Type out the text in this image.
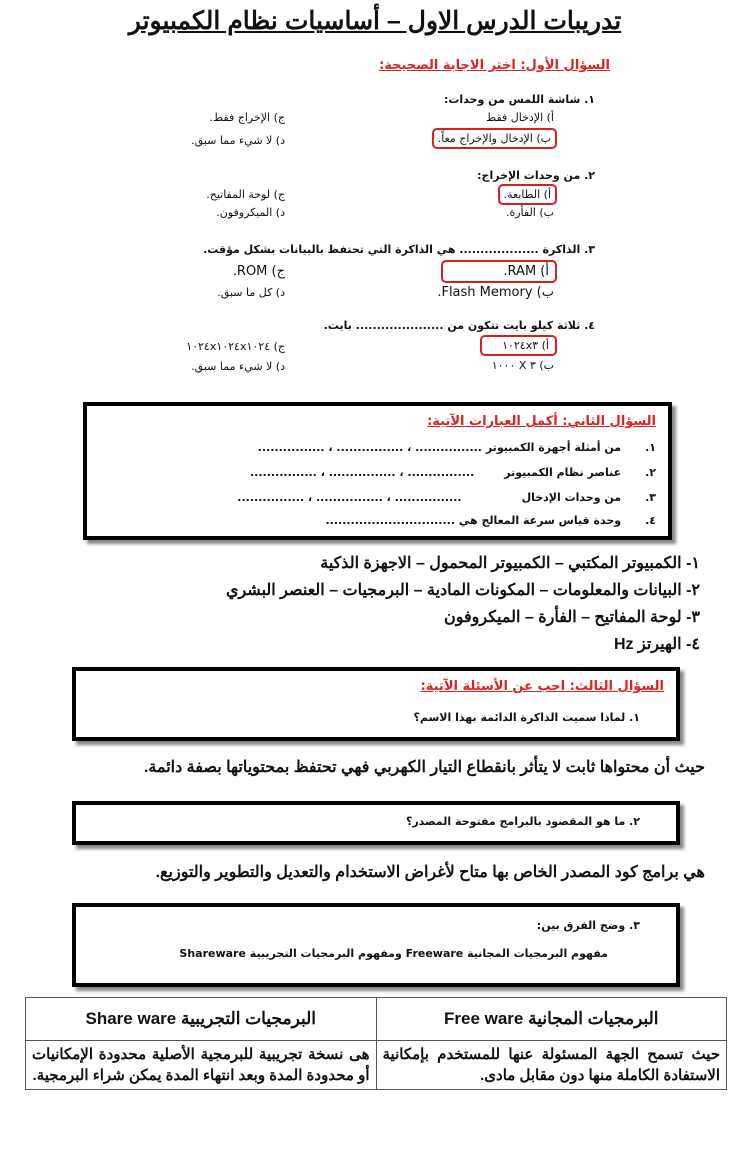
تدريبات الدرس الاول – أساسيات نظام الكمبيوتر
السؤال الأول: اختر الاجابة الصحيحة:
١. شاشة اللمس من وحدات:
أ) الإدخال فقط
ب) الإدخال والإخراج معاً.
ج) الإخراج فقط.
د) لا شيء مما سبق.
٢. من وحدات الإخراج:
أ) الطابعة.
ب) الفأرة.
ج) لوحة المفاتيح.
د) الميكروفون.
٣. الذاكرة ................... هي الذاكرة التي تحتفظ بالبيانات بشكل مؤقت.
أ) RAM.
ب) Flash Memory.
ج) ROM.
د) كل ما سبق.
٤. ثلاثة كيلو بايت تتكون من ..................... بايت.
أ) ١٠٢٤x٣
ب) ٣ X ١٠٠٠
ج) ١٠٢٤x١٠٢٤x١٠٢٤
د) لا شيء مما سبق.
السؤال الثاني: أكمل العبارات الآتية:
١.من أمثلة أجهزة الكمبيوتر ................ ، ................ ، ................
٢.عناصر نظام الكمبيوتر................ ، ................ ، ................
٣.من وحدات الإدخال................ ، ................ ، ................
٤.وحدة قياس سرعة المعالج هي ...............................
١- الكمبيوتر المكتبي – الكمبيوتر المحمول – الاجهزة الذكية
٢- البيانات والمعلومات – المكونات المادية – البرمجيات – العنصر البشري
٣- لوحة المفاتيح – الفأرة – الميكروفون
٤- الهيرتز Hz
السؤال الثالث: احب عن الأسئلة الآتية:
١. لماذا سميت الذاكرة الدائمة بهذا الاسم؟
حيث أن محتواها ثابت لا يتأثر بانقطاع التيار الكهربي فهي تحتفظ بمحتوياتها بصفة دائمة.
٢. ما هو المقصود بالبرامج مفتوحة المصدر؟
هي برامج كود المصدر الخاص بها متاح لأغراض الاستخدام والتعديل والتطوير والتوزيع.
٣. وضح الفرق بين:
مفهوم البرمجيات المجانية Freeware ومفهوم البرمجيات التجريبية Shareware
البرمجيات المجانية Free ware	البرمجيات التجريبية Share ware
حيث تسمح الجهة المسئولة عنها للمستخدم بإمكانية الاستفادة الكاملة منها دون مقابل مادى.	هى نسخة تجريبية للبرمجية الأصلية محدودة الإمكانيات أو محدودة المدة وبعد انتهاء المدة يمكن شراء البرمجية.
